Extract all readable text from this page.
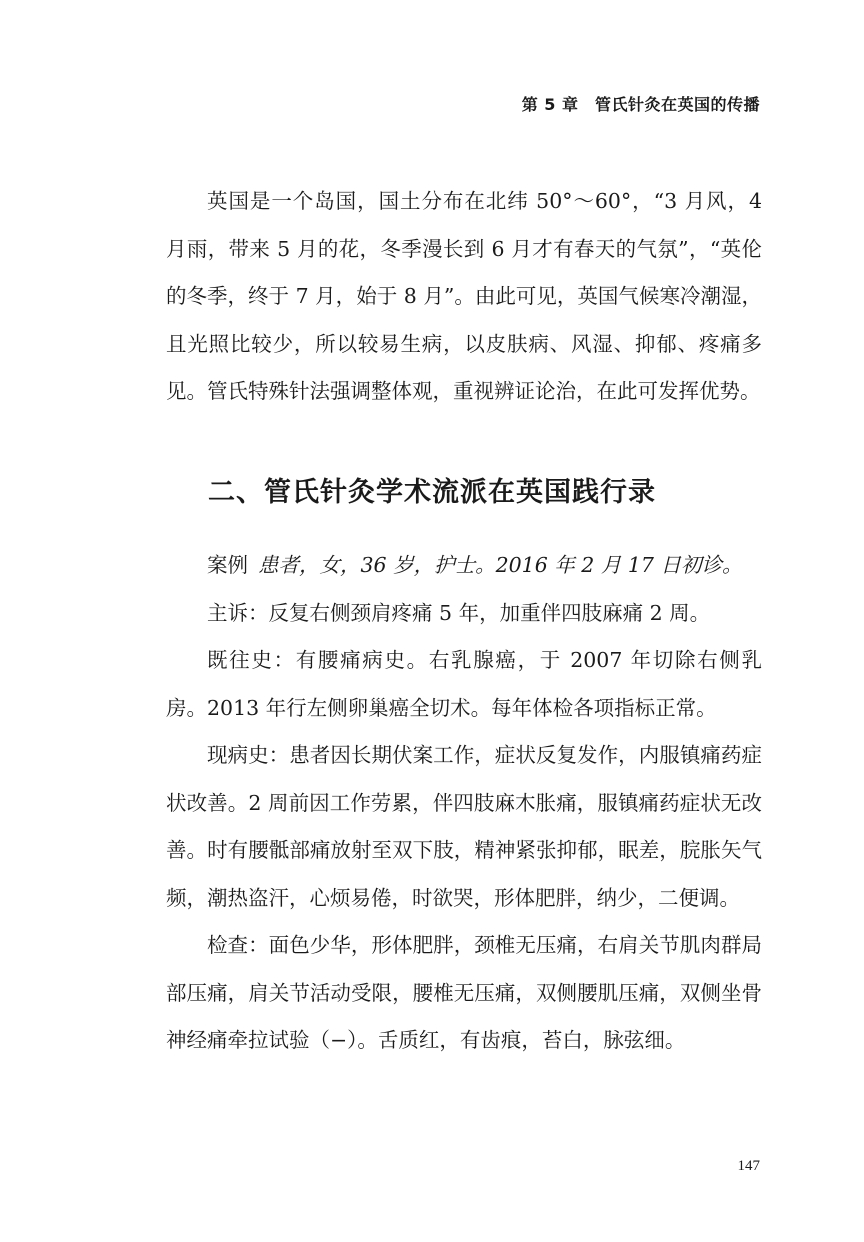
第 5 章　管氏针灸在英国的传播

英国是一个岛国，国土分布在北纬 50°～60°，“3 月风，4 月雨，带来 5 月的花，冬季漫长到 6 月才有春天的气氛”，“英伦的冬季，终于 7 月，始于 8 月”。由此可见，英国气候寒冷潮湿，且光照比较少，所以较易生病，以皮肤病、风湿、抑郁、疼痛多见。管氏特殊针法强调整体观，重视辨证论治，在此可发挥优势。

二、管氏针灸学术流派在英国践行录

案例 患者，女，36 岁，护士。2016 年 2 月 17 日初诊。

主诉：反复右侧颈肩疼痛 5 年，加重伴四肢麻痛 2 周。

既往史：有腰痛病史。右乳腺癌，于 2007 年切除右侧乳房。2013 年行左侧卵巢癌全切术。每年体检各项指标正常。

现病史：患者因长期伏案工作，症状反复发作，内服镇痛药症状改善。2 周前因工作劳累，伴四肢麻木胀痛，服镇痛药症状无改善。时有腰骶部痛放射至双下肢，精神紧张抑郁，眠差，脘胀矢气频，潮热盗汗，心烦易倦，时欲哭，形体肥胖，纳少，二便调。

检查：面色少华，形体肥胖，颈椎无压痛，右肩关节肌肉群局部压痛，肩关节活动受限，腰椎无压痛，双侧腰肌压痛，双侧坐骨神经痛牵拉试验（−）。舌质红，有齿痕，苔白，脉弦细。

147
